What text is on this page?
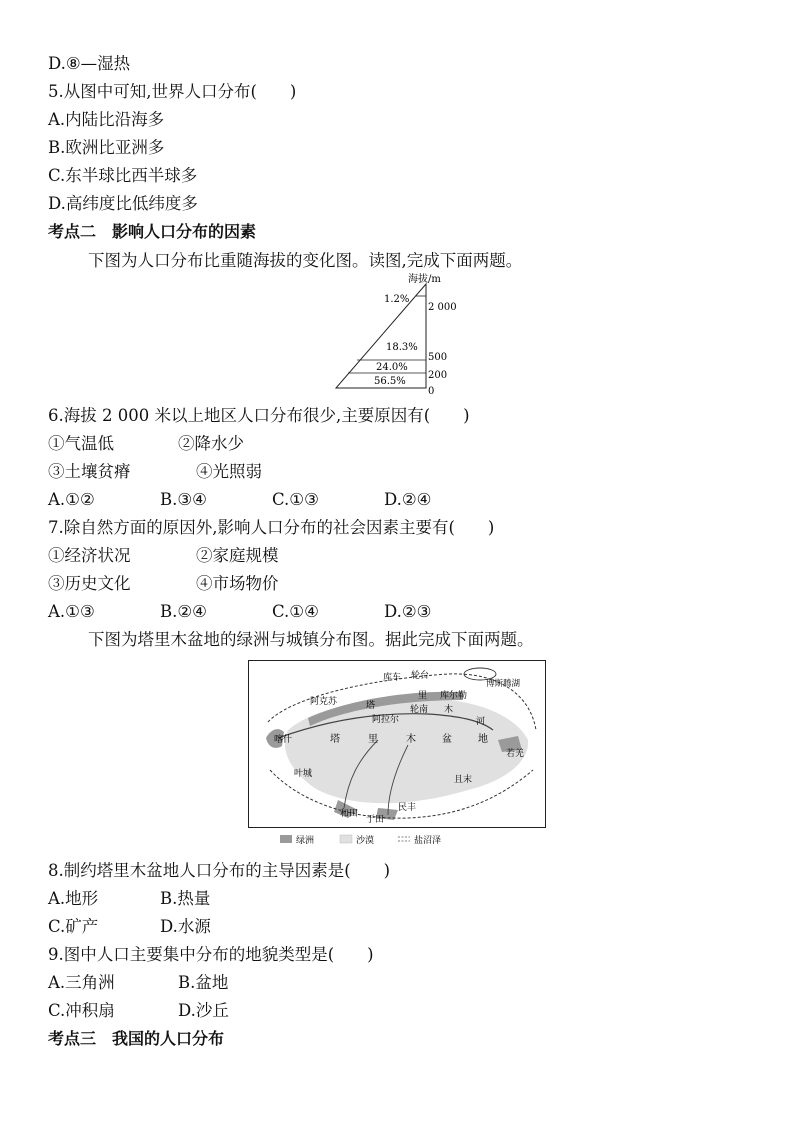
D.⑧—湿热
5.从图中可知,世界人口分布(　　)
A.内陆比沿海多
B.欧洲比亚洲多
C.东半球比西半球多
D.高纬度比低纬度多
考点二　影响人口分布的因素
下图为人口分布比重随海拔的变化图。读图,完成下面两题。
海拔/m
2 000
500
200
0
1.2%
18.3%
24.0%
56.5%
6.海拔 2 000 米以上地区人口分布很少,主要原因有(　　)
①气温低	②降水少
③土壤贫瘠	④光照弱
A.①②	B.③④	C.①③	D.②④
7.除自然方面的原因外,影响人口分布的社会因素主要有(　　)
①经济状况	②家庭规模
③历史文化	④市场物价
A.①③	B.②④	C.①④	D.②③
下图为塔里木盆地的绿洲与城镇分布图。据此完成下面两题。
库车 轮台
博斯腾湖
阿克苏	塔
里 库尔勒
木
阿拉尔
轮南
河
喀什	塔	里	木	盆	地
若羌
叶城
且末
和田
民丰
于田
绿洲	沙漠	盐沼泽
8.制约塔里木盆地人口分布的主导因素是(　　)
A.地形	B.热量
C.矿产	D.水源
9.图中人口主要集中分布的地貌类型是(　　)
A.三角洲	B.盆地
C.冲积扇	D.沙丘
考点三　我国的人口分布
